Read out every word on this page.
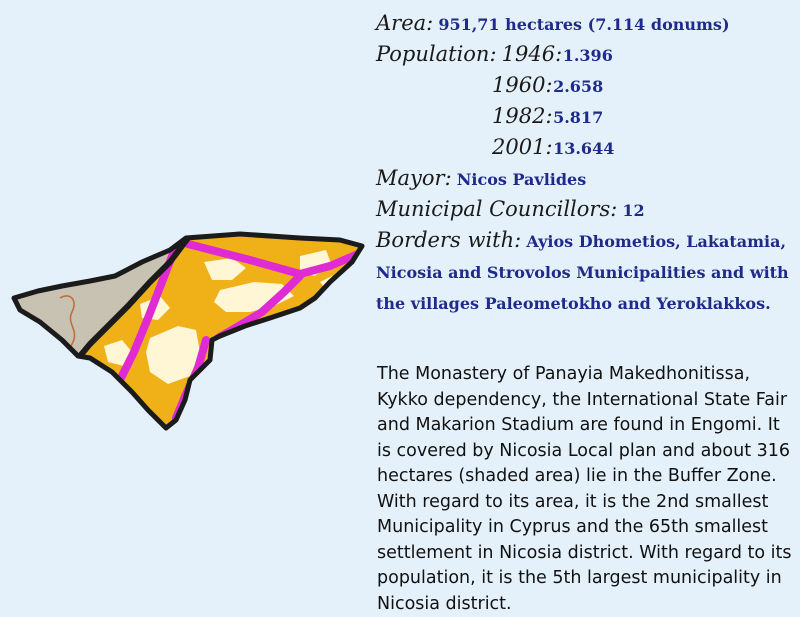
Area: 951,71 hectares (7.114 donums)
Population: 1946: 1.396
1960: 2.658
1982: 5.817
2001: 13.644
Mayor: Nicos Pavlides
Municipal Councillors: 12
Borders with: Ayios Dhometios, Lakatamia, Nicosia and Strovolos Municipalities and with the villages Paleometokho and Yeroklakkos.
The Monastery of Panayia Makedhonitissa, Kykko dependency, the International State Fair and Makarion Stadium are found in Engomi. It is covered by Nicosia Local plan and about 316 hectares (shaded area) lie in the Buffer Zone. With regard to its area, it is the 2nd smallest Municipality in Cyprus and the 65th smallest settlement in Nicosia district. With regard to its population, it is the 5th largest municipality in Nicosia district.
